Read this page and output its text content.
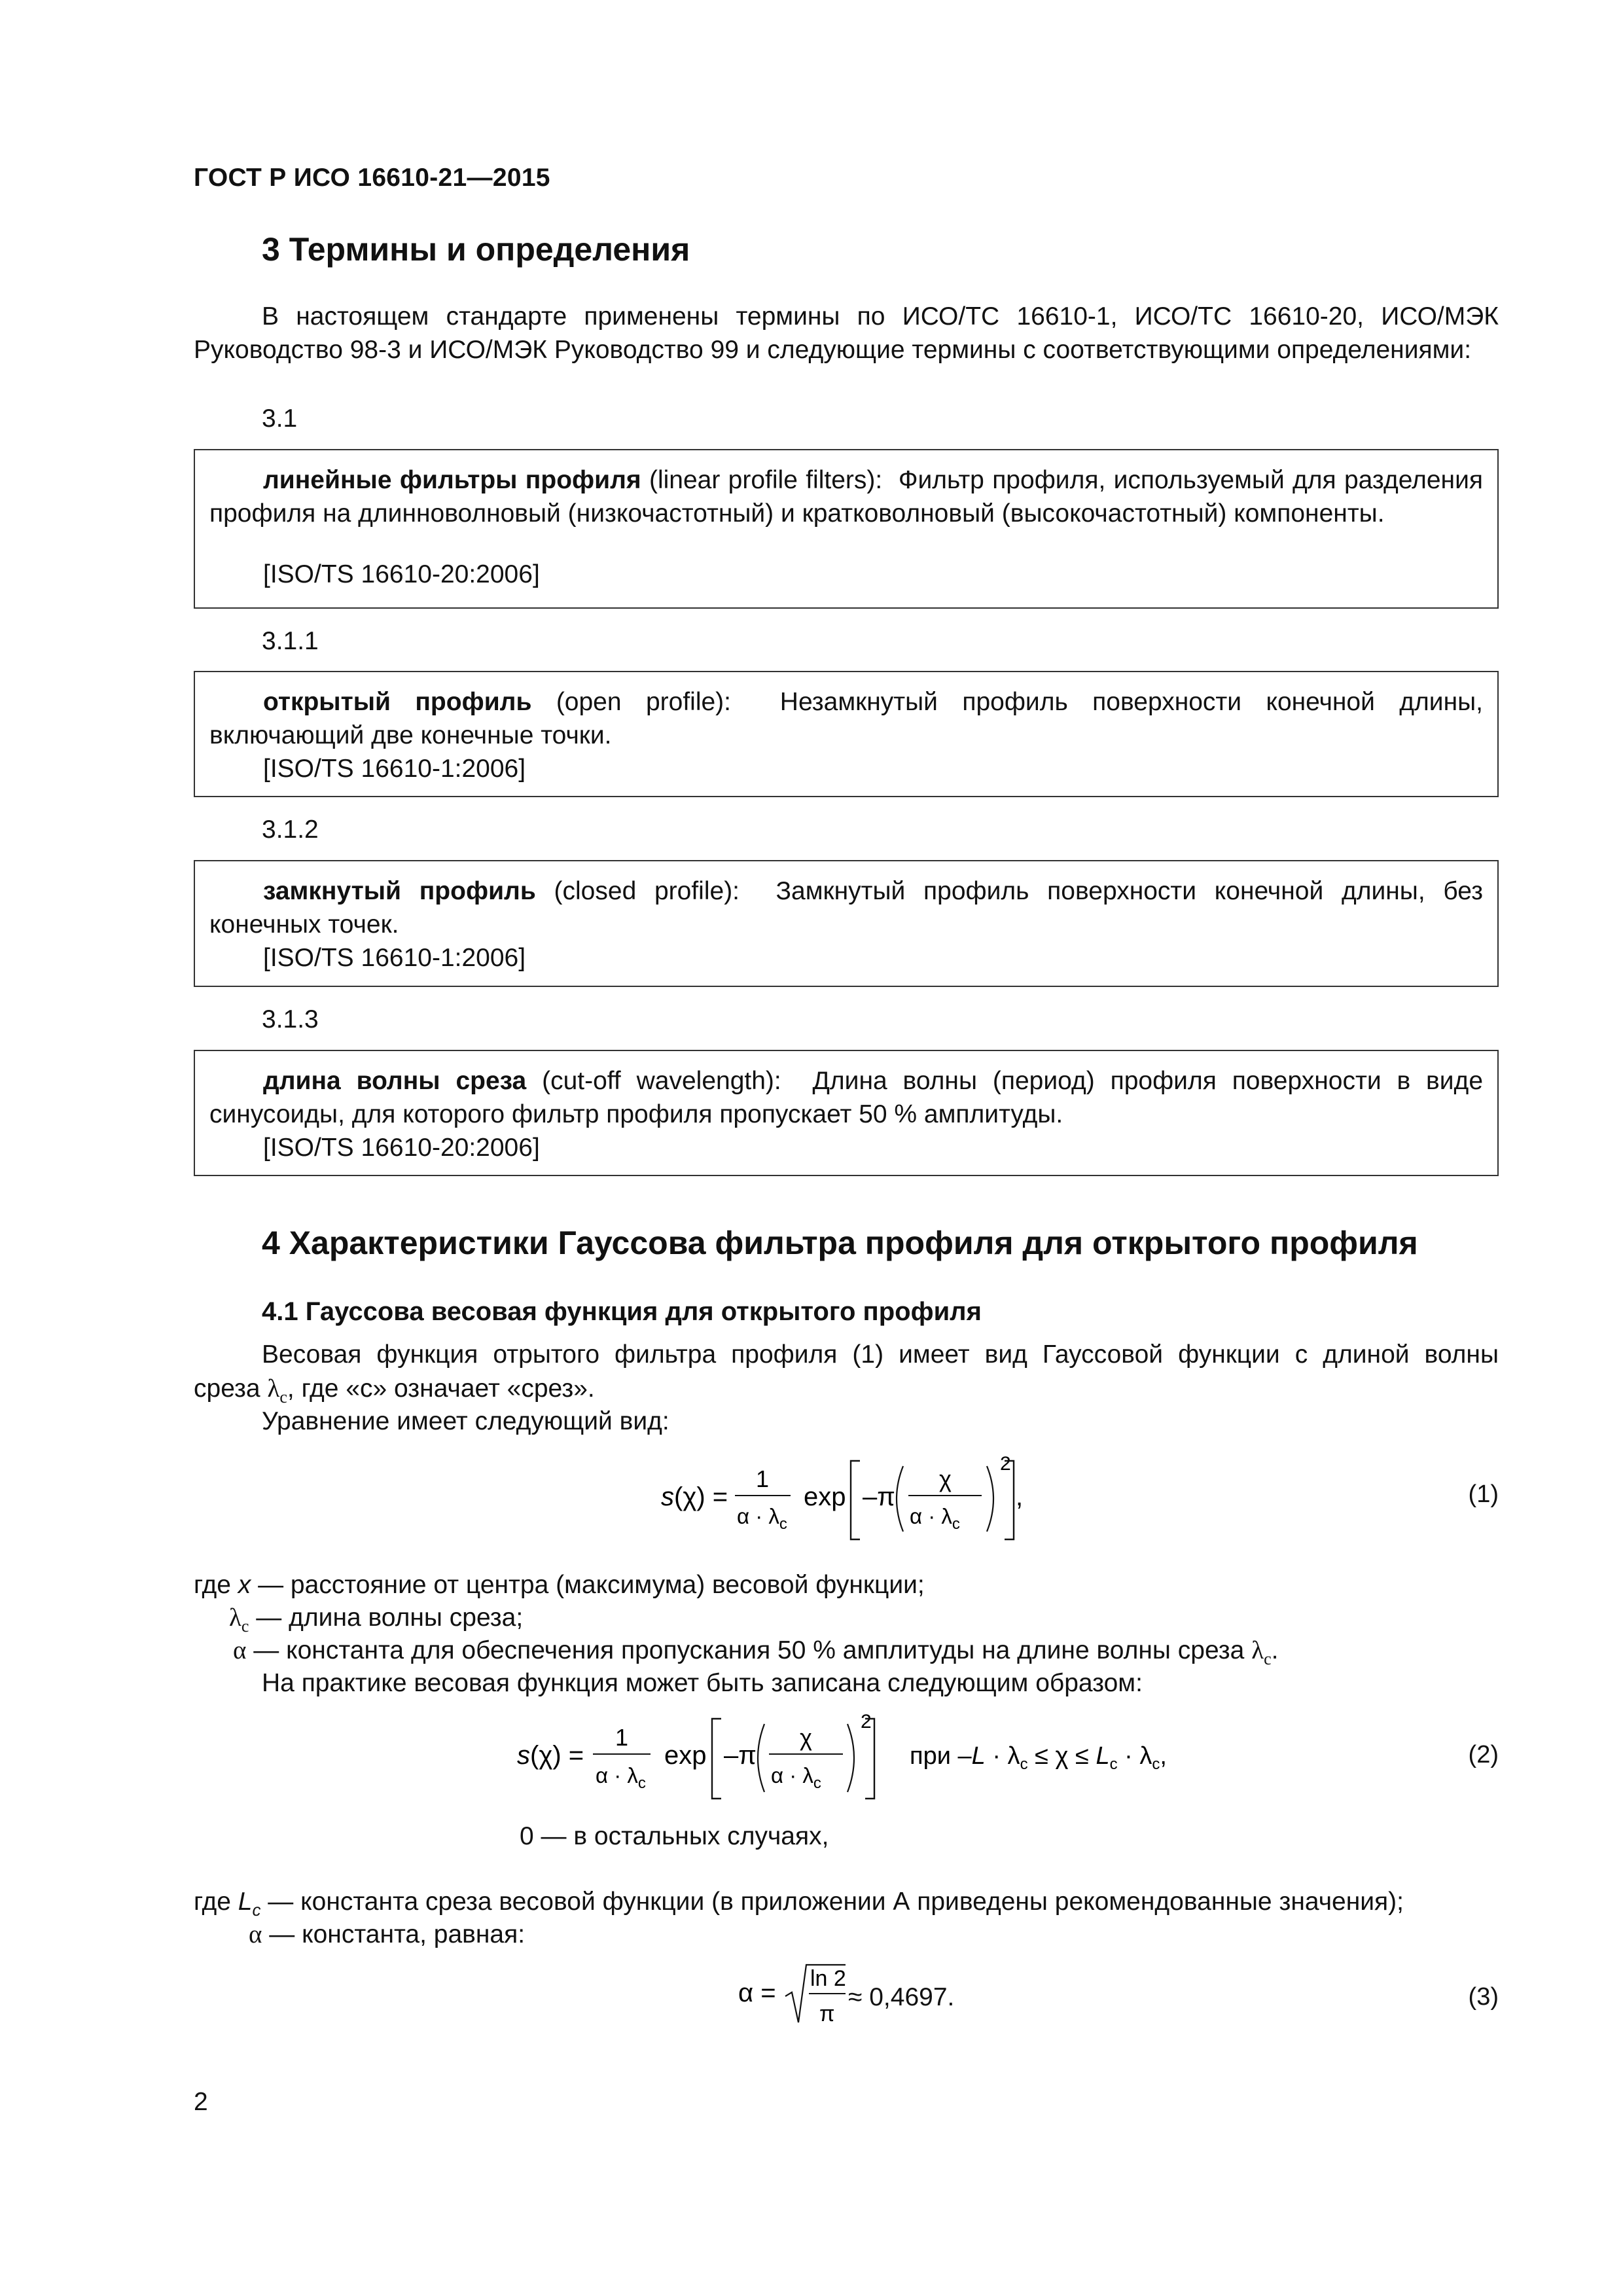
ГОСТ Р ИСО 16610-21—2015
3 Термины и определения
В настоящем стандарте применены термины по ИСО/ТС 16610-1, ИСО/ТС 16610-20, ИСО/МЭК Руководство 98-3 и ИСО/МЭК Руководство 99 и следующие термины с соответствующими определениями:
3.1
линейные фильтры профиля (linear profile filters): Фильтр профиля, используемый для разделения профиля на длинноволновый (низкочастотный) и кратковолновый (высокочастотный) компоненты.
[ISO/TS 16610-20:2006]
3.1.1
открытый профиль (open profile): Незамкнутый профиль поверхности конечной длины, включающий две конечные точки.
[ISO/TS 16610-1:2006]
3.1.2
замкнутый профиль (closed profile): Замкнутый профиль поверхности конечной длины, без конечных точек.
[ISO/TS 16610-1:2006]
3.1.3
длина волны среза (cut-off wavelength): Длина волны (период) профиля поверхности в виде синусоиды, для которого фильтр профиля пропускает 50 % амплитуды.
[ISO/TS 16610-20:2006]
4 Характеристики Гауссова фильтра профиля для открытого профиля
4.1 Гауссова весовая функция для открытого профиля
Весовая функция отрытого фильтра профиля (1) имеет вид Гауссовой функции с длиной волны
среза $\lambda_с$, где «с» означает «срез».
Уравнение имеет следующий вид:
s(χ) =
1
$\alpha \cdot \lambda_c$
exp –π
χ
$\alpha \cdot \lambda_c$
2
,	(1)
где x — расстояние от центра (максимума) весовой функции;
$\lambda_с$ — длина волны среза;
α — константа для обеспечения пропускания 50 % амплитуды на длине волны среза $\lambda_с$.
На практике весовая функция может быть записана следующим образом:
s(χ) =
1
$\alpha \cdot \lambda_c$
exp –π
χ
$\alpha \cdot \lambda_c$
2
при $-L \cdot \lambda_c \le \chi \le L_c \cdot \lambda_c$,	(2)
0 — в остальных случаях,
где $L_c$ — константа среза весовой функции (в приложении А приведены рекомендованные значения);
α — константа, равная:
α = ln 2
π
≈ 0,4697.	(3)
2
